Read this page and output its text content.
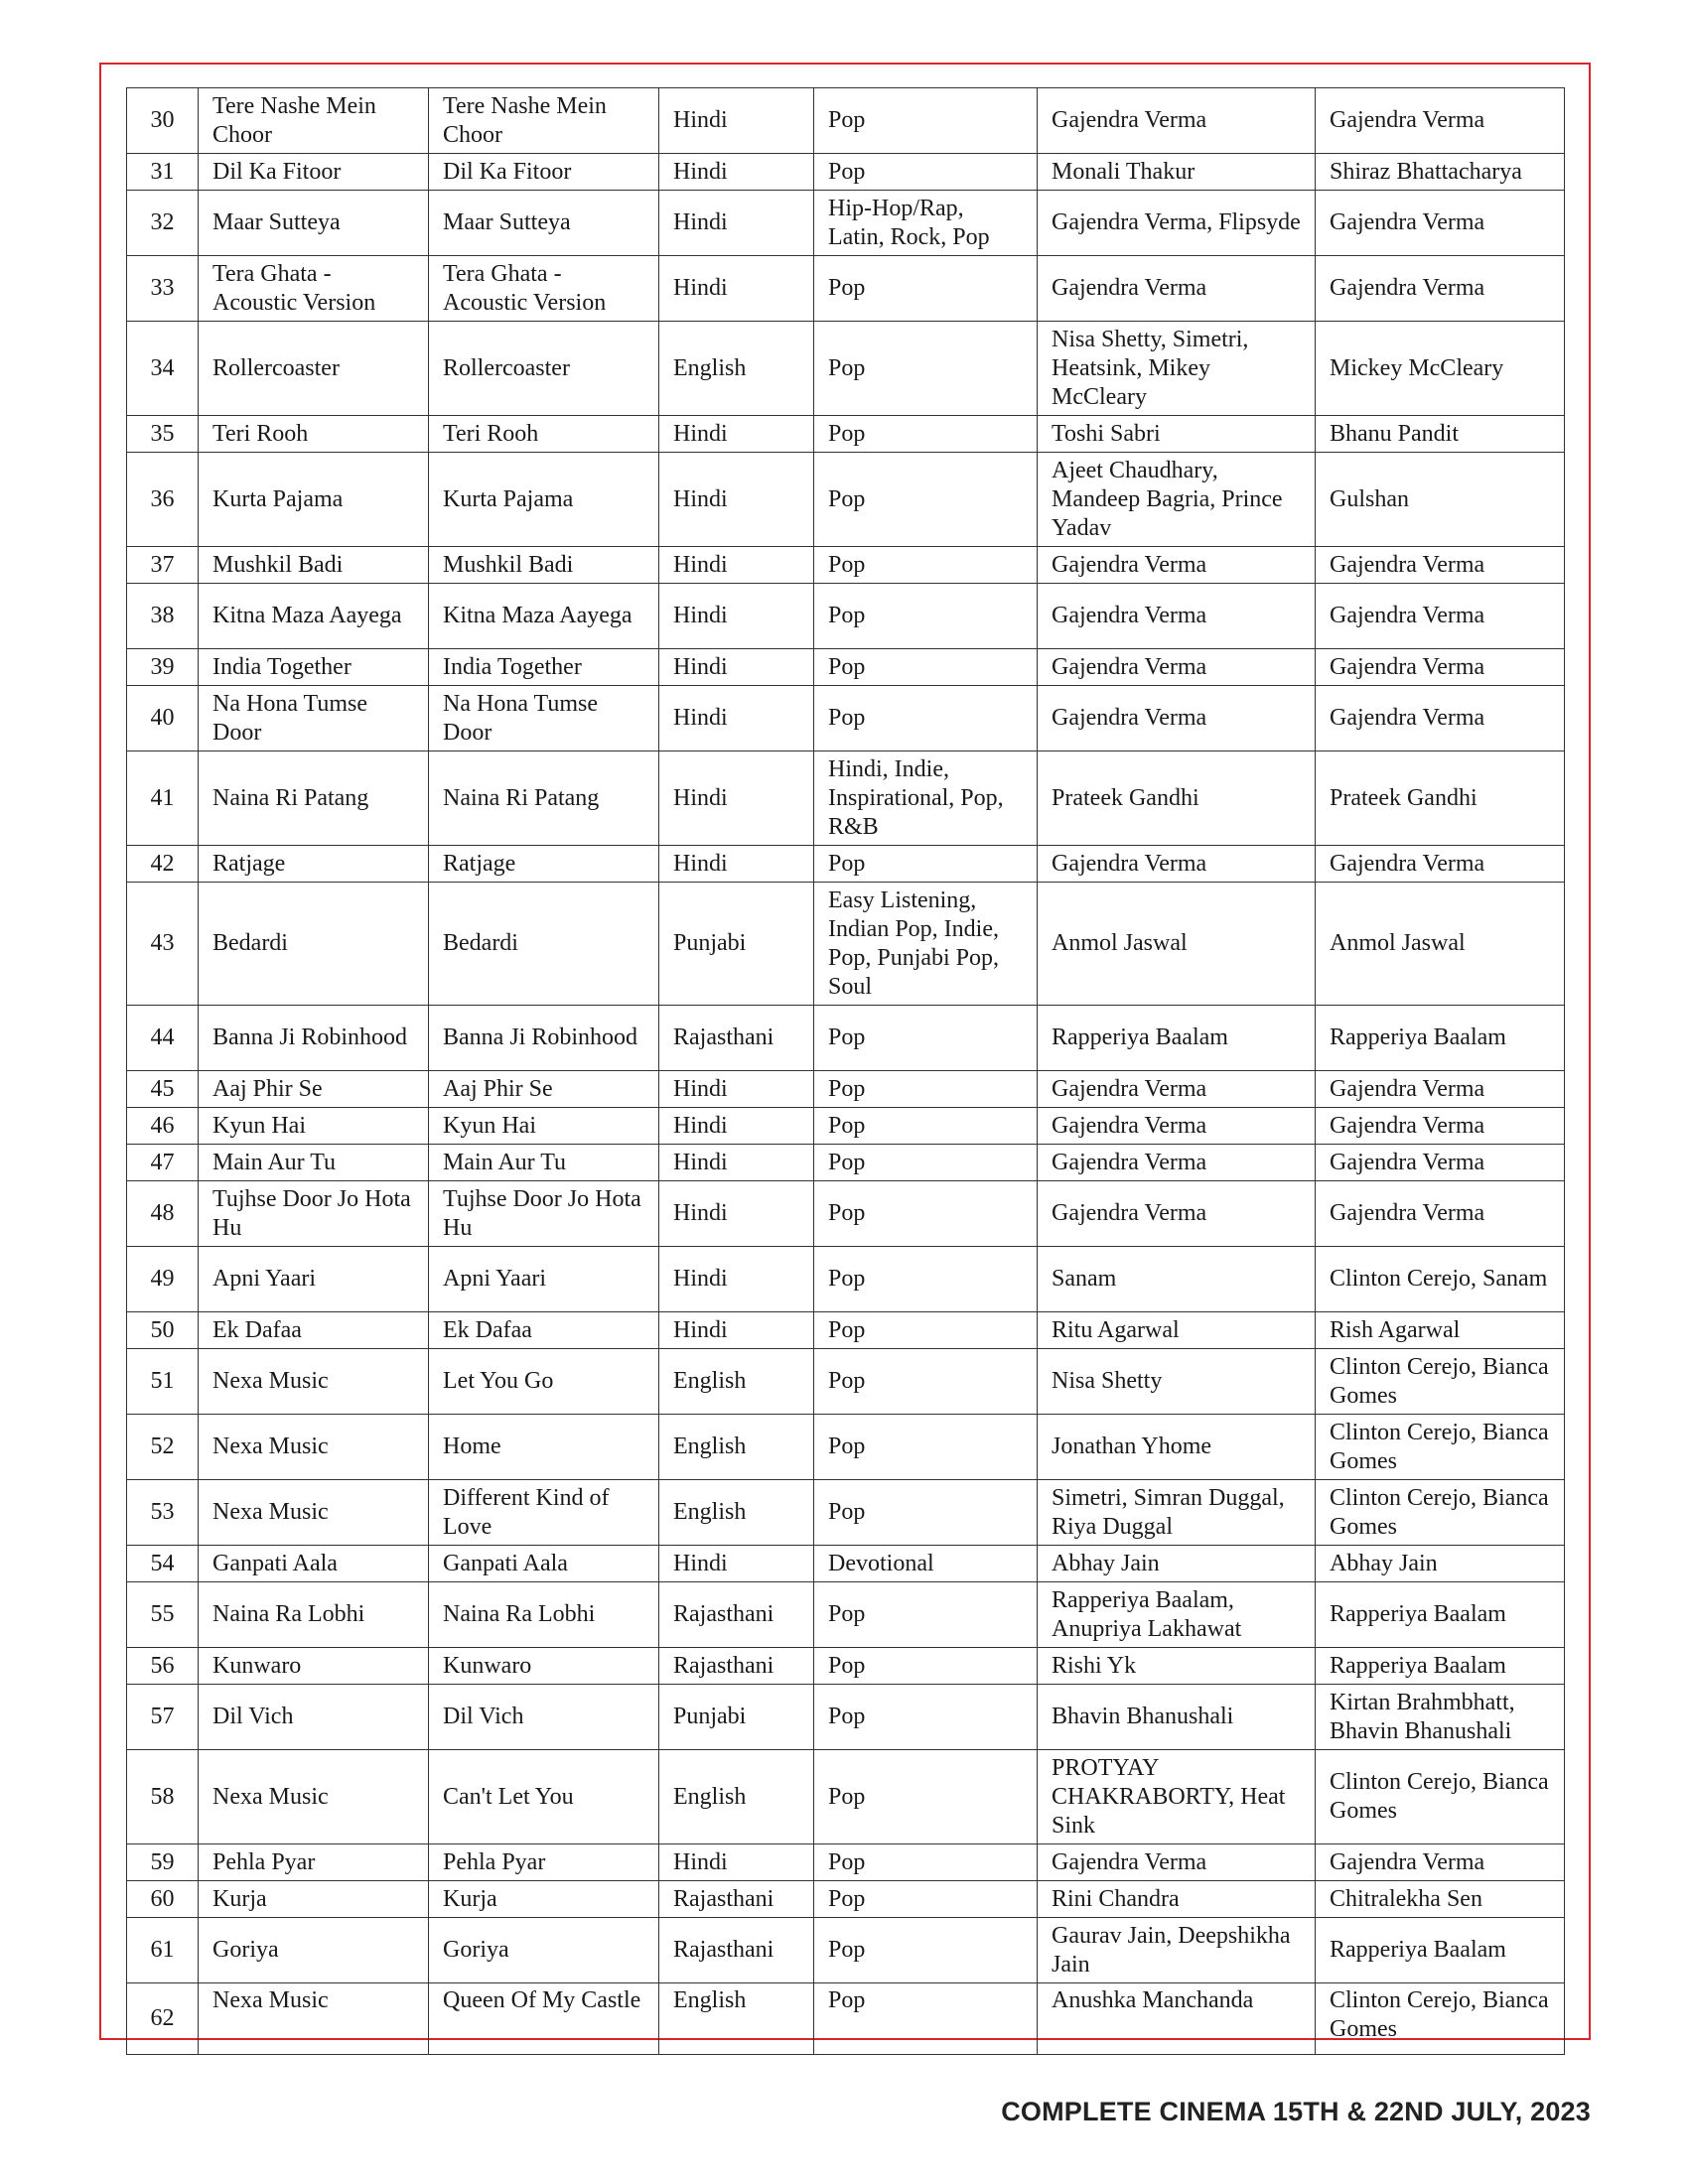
30	Tere Nashe Mein Choor	Tere Nashe Mein Choor	Hindi	Pop	Gajendra Verma	Gajendra Verma
31	Dil Ka Fitoor	Dil Ka Fitoor	Hindi	Pop	Monali Thakur	Shiraz Bhattacharya
32	Maar Sutteya	Maar Sutteya	Hindi	Hip-Hop/Rap, Latin, Rock, Pop	Gajendra Verma, Flipsyde	Gajendra Verma
33	Tera Ghata - Acoustic Version	Tera Ghata - Acoustic Version	Hindi	Pop	Gajendra Verma	Gajendra Verma
34	Rollercoaster	Rollercoaster	English	Pop	Nisa Shetty, Simetri, Heatsink, Mikey McCleary	Mickey McCleary
35	Teri Rooh	Teri Rooh	Hindi	Pop	Toshi Sabri	Bhanu Pandit
36	Kurta Pajama	Kurta Pajama	Hindi	Pop	Ajeet Chaudhary, Mandeep Bagria, Prince Yadav	Gulshan
37	Mushkil Badi	Mushkil Badi	Hindi	Pop	Gajendra Verma	Gajendra Verma
38	Kitna Maza Aayega	Kitna Maza Aayega	Hindi	Pop	Gajendra Verma	Gajendra Verma
39	India Together	India Together	Hindi	Pop	Gajendra Verma	Gajendra Verma
40	Na Hona Tumse Door	Na Hona Tumse Door	Hindi	Pop	Gajendra Verma	Gajendra Verma
41	Naina Ri Patang	Naina Ri Patang	Hindi	Hindi, Indie, Inspirational, Pop, R&B	Prateek Gandhi	Prateek Gandhi
42	Ratjage	Ratjage	Hindi	Pop	Gajendra Verma	Gajendra Verma
43	Bedardi	Bedardi	Punjabi	Easy Listening, Indian Pop, Indie, Pop, Punjabi Pop, Soul	Anmol Jaswal	Anmol Jaswal
44	Banna Ji Robinhood	Banna Ji Robinhood	Rajasthani	Pop	Rapperiya Baalam	Rapperiya Baalam
45	Aaj Phir Se	Aaj Phir Se	Hindi	Pop	Gajendra Verma	Gajendra Verma
46	Kyun Hai	Kyun Hai	Hindi	Pop	Gajendra Verma	Gajendra Verma
47	Main Aur Tu	Main Aur Tu	Hindi	Pop	Gajendra Verma	Gajendra Verma
48	Tujhse Door Jo Hota Hu	Tujhse Door Jo Hota Hu	Hindi	Pop	Gajendra Verma	Gajendra Verma
49	Apni Yaari	Apni Yaari	Hindi	Pop	Sanam	Clinton Cerejo, Sanam
50	Ek Dafaa	Ek Dafaa	Hindi	Pop	Ritu Agarwal	Rish Agarwal
51	Nexa Music	Let You Go	English	Pop	Nisa Shetty	Clinton Cerejo, Bianca Gomes
52	Nexa Music	Home	English	Pop	Jonathan Yhome	Clinton Cerejo, Bianca Gomes
53	Nexa Music	Different Kind of Love	English	Pop	Simetri, Simran Duggal, Riya Duggal	Clinton Cerejo, Bianca Gomes
54	Ganpati Aala	Ganpati Aala	Hindi	Devotional	Abhay Jain	Abhay Jain
55	Naina Ra Lobhi	Naina Ra Lobhi	Rajasthani	Pop	Rapperiya Baalam, Anupriya Lakhawat	Rapperiya Baalam
56	Kunwaro	Kunwaro	Rajasthani	Pop	Rishi Yk	Rapperiya Baalam
57	Dil Vich	Dil Vich	Punjabi	Pop	Bhavin Bhanushali	Kirtan Brahmbhatt, Bhavin Bhanushali
58	Nexa Music	Can't Let You	English	Pop	PROTYAY CHAKRABORTY, Heat Sink	Clinton Cerejo, Bianca Gomes
59	Pehla Pyar	Pehla Pyar	Hindi	Pop	Gajendra Verma	Gajendra Verma
60	Kurja	Kurja	Rajasthani	Pop	Rini Chandra	Chitralekha Sen
61	Goriya	Goriya	Rajasthani	Pop	Gaurav Jain, Deepshikha Jain	Rapperiya Baalam
62	Nexa Music	Queen Of My Castle	English	Pop	Anushka Manchanda	Clinton Cerejo, Bianca Gomes
COMPLETE CINEMA 15TH & 22ND JULY, 2023
